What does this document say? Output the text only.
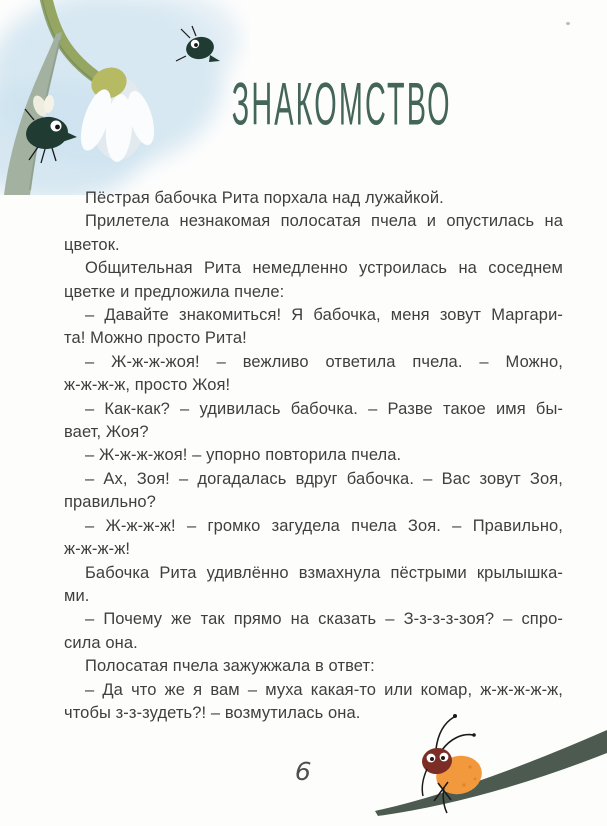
ЗНАКОМСТВО
Пёстрая бабочка Рита порхала над лужайкой.
Прилетела незнакомая полосатая пчела и опустилась на
цветок.
Общительная Рита немедленно устроилась на соседнем
цветке и предложила пчеле:
– Давайте знакомиться! Я бабочка, меня зовут Маргари-
та! Можно просто Рита!
– Ж-ж-ж-жоя! – вежливо ответила пчела. – Можно,
ж-ж-ж-ж, просто Жоя!
– Как-как? – удивилась бабочка. – Разве такое имя бы-
вает, Жоя?
– Ж-ж-ж-жоя! – упорно повторила пчела.
– Ах, Зоя! – догадалась вдруг бабочка. – Вас зовут Зоя,
правильно?
– Ж-ж-ж-ж! – громко загудела пчела Зоя. – Правильно,
ж-ж-ж-ж!
Бабочка Рита удивлённо взмахнула пёстрыми крылышка-
ми.
– Почему же так прямо на сказать – З-з-з-з-зоя? – спро-
сила она.
Полосатая пчела зажужжала в ответ:
– Да что же я вам – муха какая-то или комар, ж-ж-ж-ж-ж,
чтобы з-з-зудеть?! – возмутилась она.
6
